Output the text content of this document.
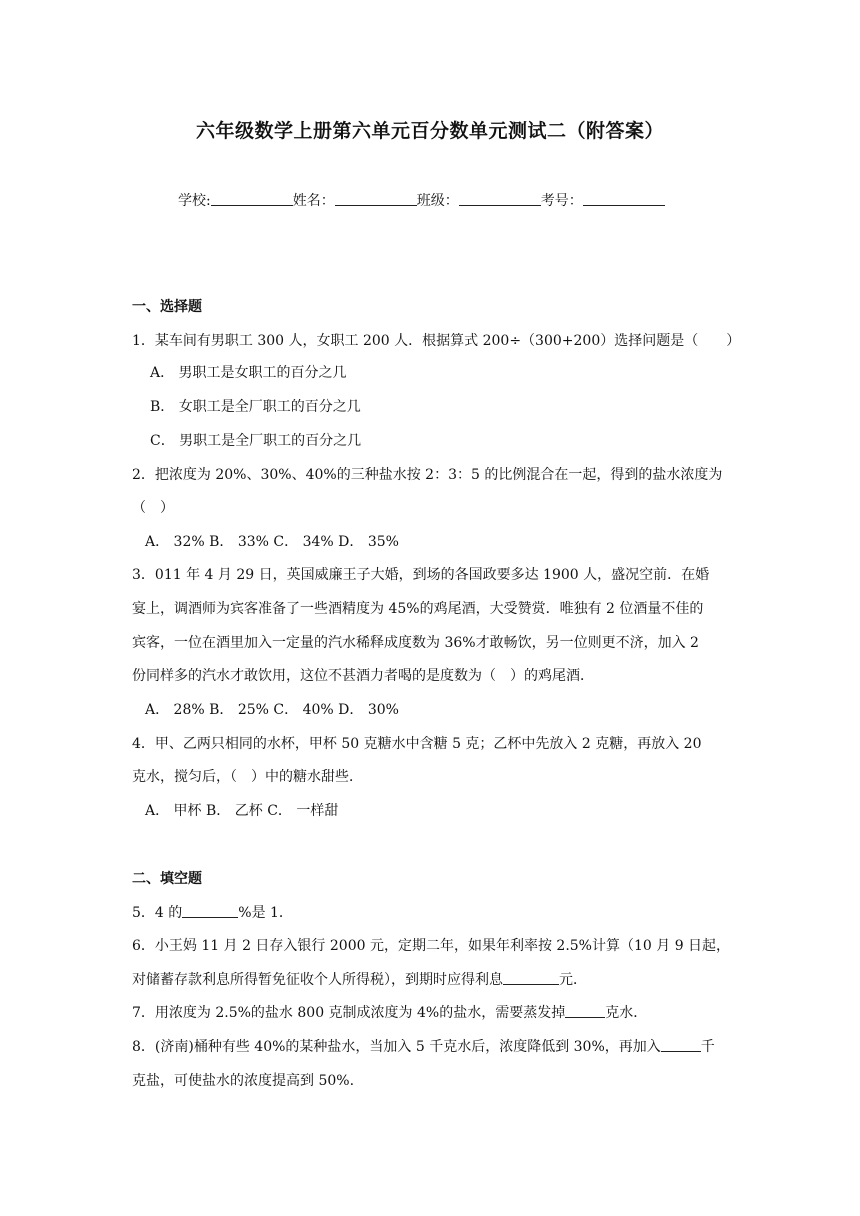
六年级数学上册第六单元百分数单元测试二（附答案）
学校:	姓名：	班级：	考号：
一、选择题
1．某车间有男职工 300 人，女职工 200 人．根据算式 200÷（300+200）选择问题是（　　）
A． 男职工是女职工的百分之几
B． 女职工是全厂职工的百分之几
C． 男职工是全厂职工的百分之几
2．把浓度为 20%、30%、40%的三种盐水按 2：3：5 的比例混合在一起，得到的盐水浓度为
（　）
A． 32% B． 33% C． 34% D． 35%
3．011 年 4 月 29 日，英国威廉王子大婚，到场的各国政要多达 1900 人，盛况空前．在婚
宴上，调酒师为宾客准备了一些酒精度为 45%的鸡尾酒，大受赞赏．唯独有 2 位酒量不佳的
宾客，一位在酒里加入一定量的汽水稀释成度数为 36%才敢畅饮，另一位则更不济，加入 2
份同样多的汽水才敢饮用，这位不甚酒力者喝的是度数为（　）的鸡尾酒．
A． 28% B． 25% C． 40% D． 30%
4．甲、乙两只相同的水杯，甲杯 50 克糖水中含糖 5 克；乙杯中先放入 2 克糖，再放入 20
克水，搅匀后，（　）中的糖水甜些．
A． 甲杯 B． 乙杯 C． 一样甜
二、填空题
5．4 的	%是 1．
6．小王妈 11 月 2 日存入银行 2000 元，定期二年，如果年利率按 2.5%计算（10 月 9 日起，
对储蓄存款利息所得暂免征收个人所得税），到期时应得利息	元．
7．用浓度为 2.5%的盐水 800 克制成浓度为 4%的盐水，需要蒸发掉	克水．
8．(济南)桶种有些 40%的某种盐水，当加入 5 千克水后，浓度降低到 30%，再加入	千
克盐，可使盐水的浓度提高到 50%.
